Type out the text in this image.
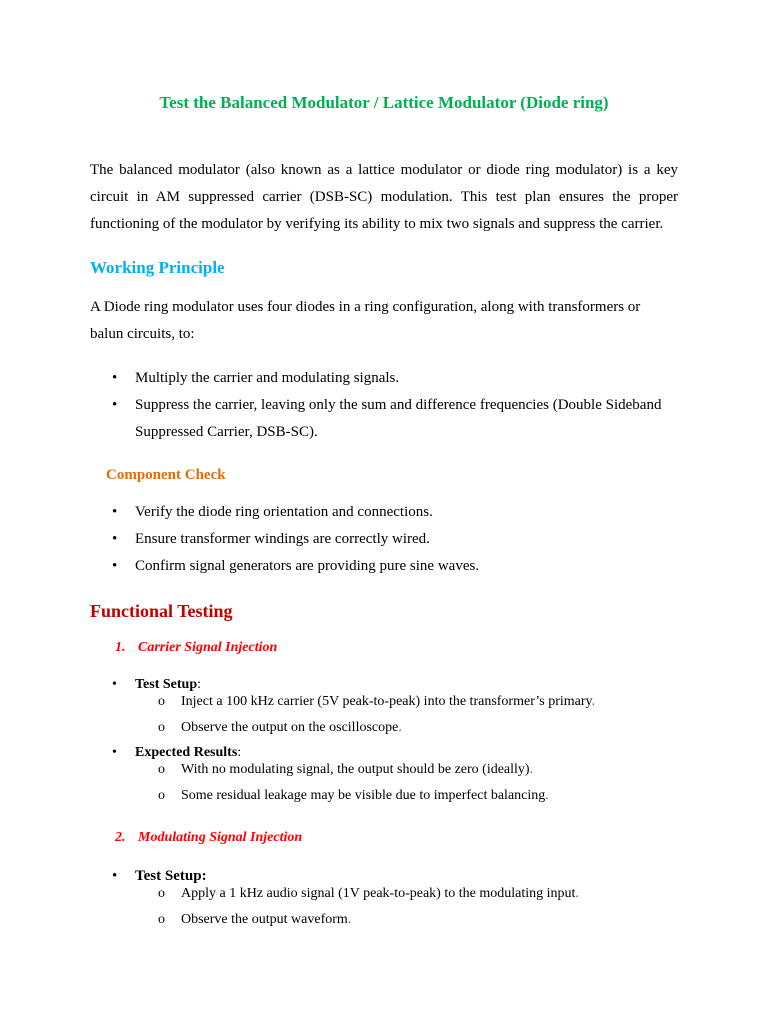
Test the Balanced Modulator / Lattice Modulator (Diode ring)
The balanced modulator (also known as a lattice modulator or diode ring modulator) is a key circuit in AM suppressed carrier (DSB-SC) modulation. This test plan ensures the proper functioning of the modulator by verifying its ability to mix two signals and suppress the carrier.
Working Principle
A Diode ring modulator uses four diodes in a ring configuration, along with transformers or balun circuits, to:
• Multiply the carrier and modulating signals.
• Suppress the carrier, leaving only the sum and difference frequencies (Double Sideband
Suppressed Carrier, DSB-SC).
Component Check
• Verify the diode ring orientation and connections.
• Ensure transformer windings are correctly wired.
• Confirm signal generators are providing pure sine waves.
Functional Testing
1. Carrier Signal Injection
• Test Setup:
o Inject a 100 kHz carrier (5V peak-to-peak) into the transformer’s primary.
o Observe the output on the oscilloscope.
• Expected Results:
o With no modulating signal, the output should be zero (ideally).
o Some residual leakage may be visible due to imperfect balancing.
2. Modulating Signal Injection
• Test Setup:
o Apply a 1 kHz audio signal (1V peak-to-peak) to the modulating input.
o Observe the output waveform.
